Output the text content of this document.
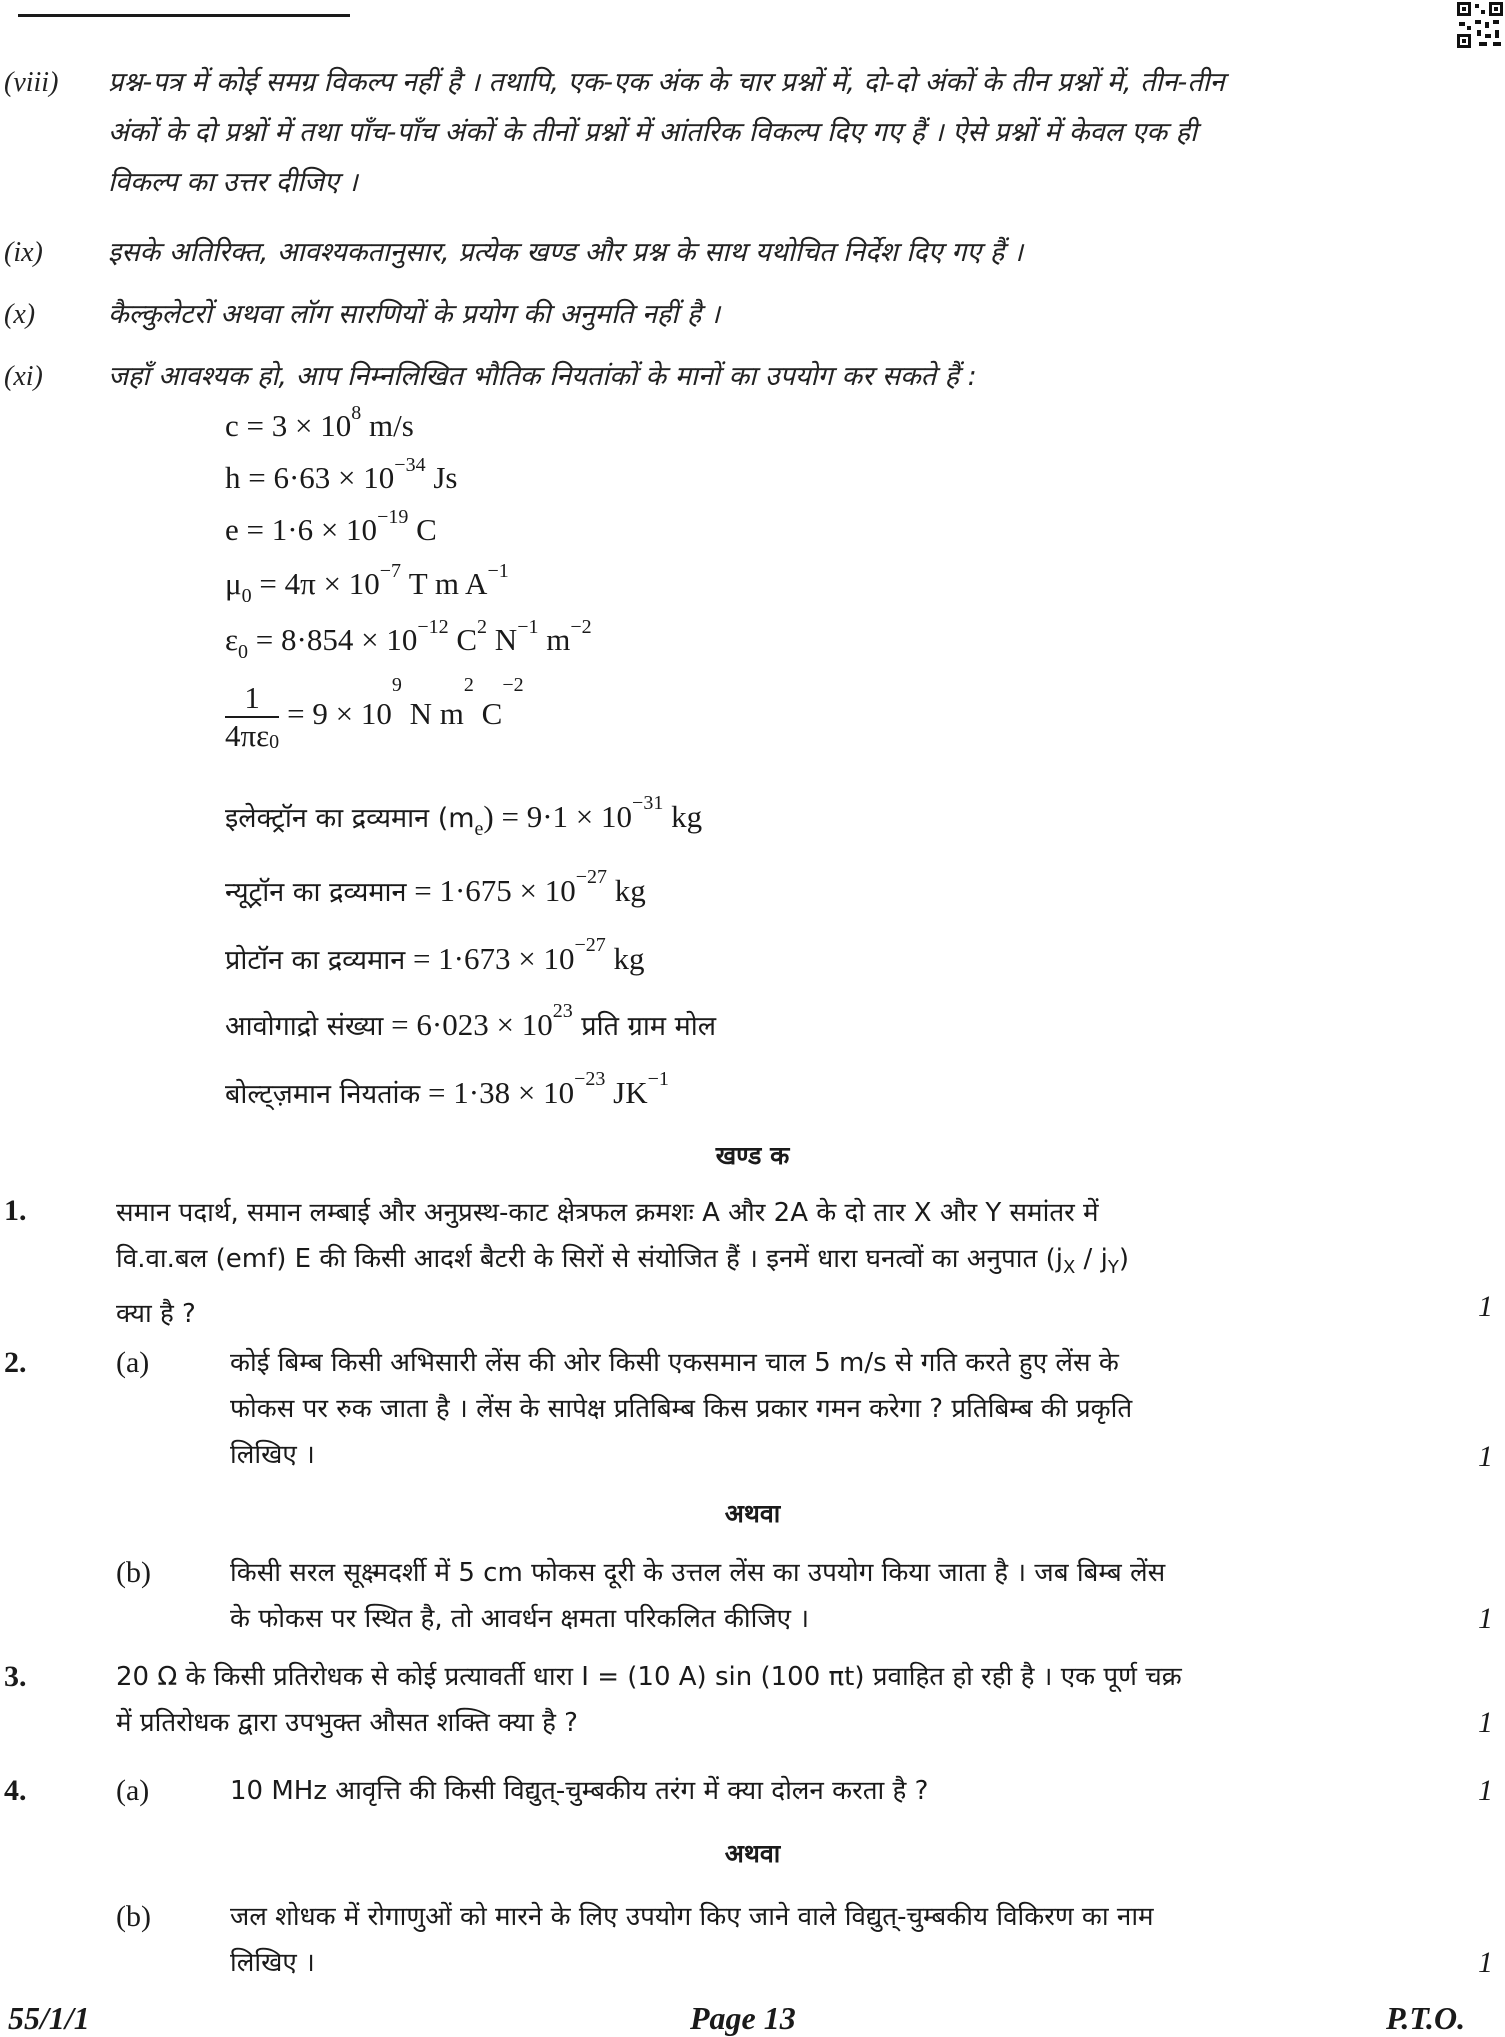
(viii) प्रश्न-पत्र में कोई समग्र विकल्प नहीं है । तथापि, एक-एक अंक के चार प्रश्नों में, दो-दो अंकों के तीन प्रश्नों में, तीन-तीन
अंकों के दो प्रश्नों में तथा पाँच-पाँच अंकों के तीनों प्रश्नों में आंतरिक विकल्प दिए गए हैं । ऐसे प्रश्नों में केवल एक ही
विकल्प का उत्तर दीजिए ।
(ix) इसके अतिरिक्त, आवश्यकतानुसार, प्रत्येक खण्ड और प्रश्न के साथ यथोचित निर्देश दिए गए हैं ।
(x)	कैल्कुलेटरों अथवा लॉग सारणियों के प्रयोग की अनुमति नहीं है ।
(xi) जहाँ आवश्यक हो, आप निम्नलिखित भौतिक नियतांकों के मानों का उपयोग कर सकते हैं :
$c = 3 \times 10^8$ m/s
$h = 6\cdot 63 \times 10^{-34}$ Js
$e = 1\cdot 6 \times 10^{-19}$ C
$\mu_0 = 4\pi \times 10^{-7}$ T m $A^{-1}$
$\varepsilon_0 = 8\cdot 854 \times 10^{-12}$ $C^2$ $N^{-1}$ $m^{-2}$
$\frac{1}{4\pi\varepsilon_0} = 9 \times 10^9$ N $m^2$ $C^{-2}$
इलेक्ट्रॉन का द्रव्यमान $(m_e) = 9\cdot 1 \times 10^{-31}$ kg
न्यूट्रॉन का द्रव्यमान = $1\cdot 675 \times 10^{-27}$ kg
प्रोटॉन का द्रव्यमान = $1\cdot 673 \times 10^{-27}$ kg
आवोगाद्रो संख्या = $6\cdot 023 \times 10^{23}$ प्रति ग्राम मोल
बोल्ट्ज़मान नियतांक = $1\cdot 38 \times 10^{-23}$ $JK^{-1}$
खण्ड क
1.	समान पदार्थ, समान लम्बाई और अनुप्रस्थ-काट क्षेत्रफल क्रमशः A और 2A के दो तार X और Y समांतर में
वि.वा.बल (emf) E की किसी आदर्श बैटरी के सिरों से संयोजित हैं । इनमें धारा घनत्वों का अनुपात $(j_X / j_Y)$
क्या है ?	1
2.	(a)	कोई बिम्ब किसी अभिसारी लेंस की ओर किसी एकसमान चाल 5 m/s से गति करते हुए लेंस के
फोकस पर रुक जाता है । लेंस के सापेक्ष प्रतिबिम्ब किस प्रकार गमन करेगा ? प्रतिबिम्ब की प्रकृति
लिखिए ।	1
अथवा
(b)	किसी सरल सूक्ष्मदर्शी में 5 cm फोकस दूरी के उत्तल लेंस का उपयोग किया जाता है । जब बिम्ब लेंस
के फोकस पर स्थित है, तो आवर्धन क्षमता परिकलित कीजिए ।	1
3.	20 Ω के किसी प्रतिरोधक से कोई प्रत्यावर्ती धारा I = (10 A) sin (100 πt) प्रवाहित हो रही है । एक पूर्ण चक्र
में प्रतिरोधक द्वारा उपभुक्त औसत शक्ति क्या है ?	1
4.	(a)	10 MHz आवृत्ति की किसी विद्युत्-चुम्बकीय तरंग में क्या दोलन करता है ?	1
अथवा
(b)	जल शोधक में रोगाणुओं को मारने के लिए उपयोग किए जाने वाले विद्युत्-चुम्बकीय विकिरण का नाम
लिखिए ।	1
55/1/1	Page 13	P.T.O.
